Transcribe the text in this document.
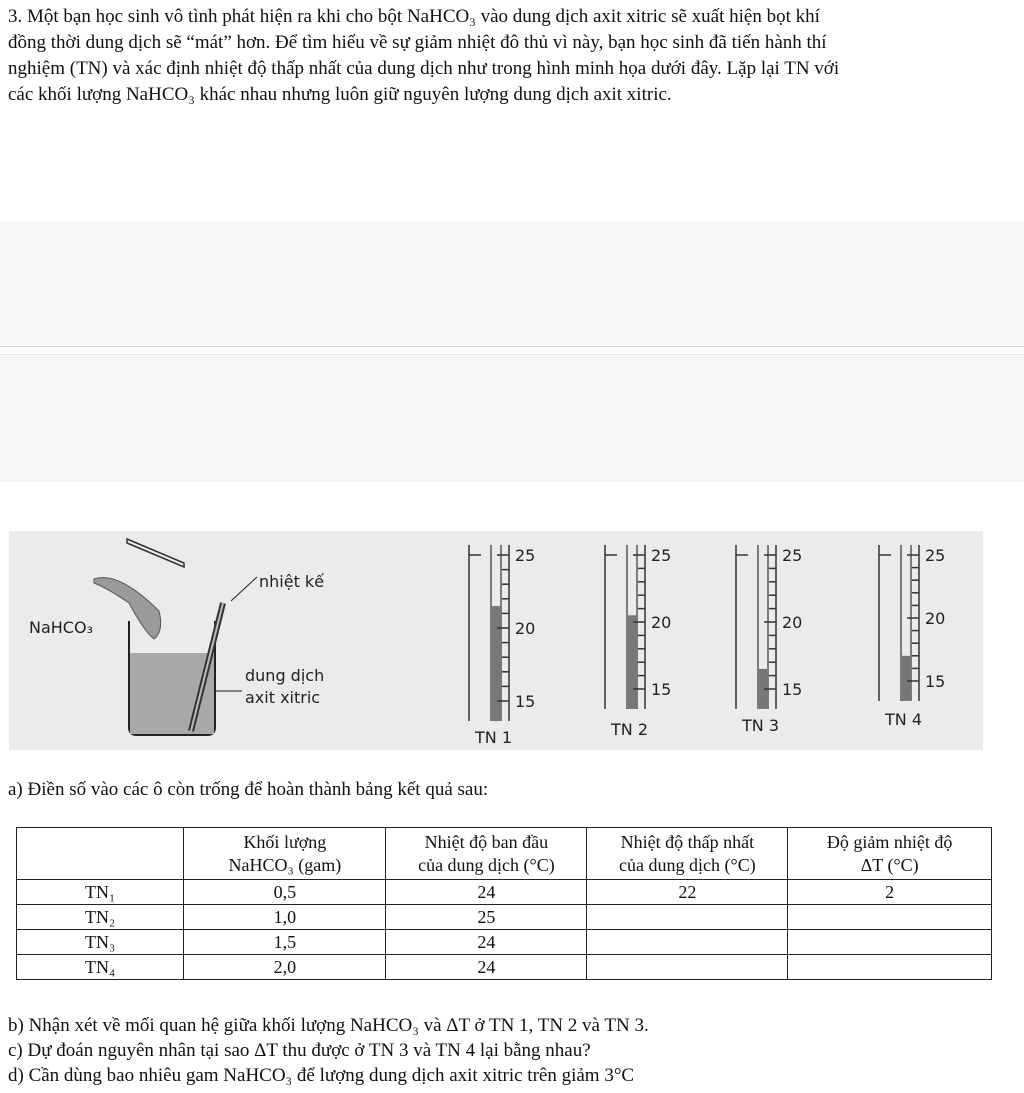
3. Một bạn học sinh vô tình phát hiện ra khi cho bột NaHCO₃ vào dung dịch axit xitric sẽ xuất hiện bọt khí
đồng thời dung dịch sẽ “mát” hơn. Để tìm hiểu về sự giảm nhiệt đô thủ vì này, bạn học sinh đã tiến hành thí
nghiệm (TN) và xác định nhiệt độ thấp nhất của dung dịch như trong hình minh họa dưới đây. Lặp lại TN với
các khối lượng NaHCO₃ khác nhau nhưng luôn giữ nguyên lượng dung dịch axit xitric.
NaHCO₃
nhiệt kế
dung dịch
axit xitric
25
20
15
TN 1
25
20
15
TN 2
25
20
15
TN 3
25
20
15
TN 4

a) Điền số vào các ô còn trống để hoàn thành bảng kết quả sau:

	Khối lượng
NaHCO₃ (gam)	Nhiệt độ ban đầu
của dung dịch (°C)	Nhiệt độ thấp nhất
của dung dịch (°C)	Độ giảm nhiệt độ
ΔT (°C)
TN₁	0,5	24	22	2
TN₂	1,0	25		
TN₃	1,5	24		
TN₄	2,0	24		

b) Nhận xét về mối quan hệ giữa khối lượng NaHCO₃ và ΔT ở TN 1, TN 2 và TN 3.

c) Dự đoán nguyên nhân tại sao ΔT thu được ở TN 3 và TN 4 lại bằng nhau?

d) Cần dùng bao nhiêu gam NaHCO₃ để lượng dung dịch axit xitric trên giảm 3°C
